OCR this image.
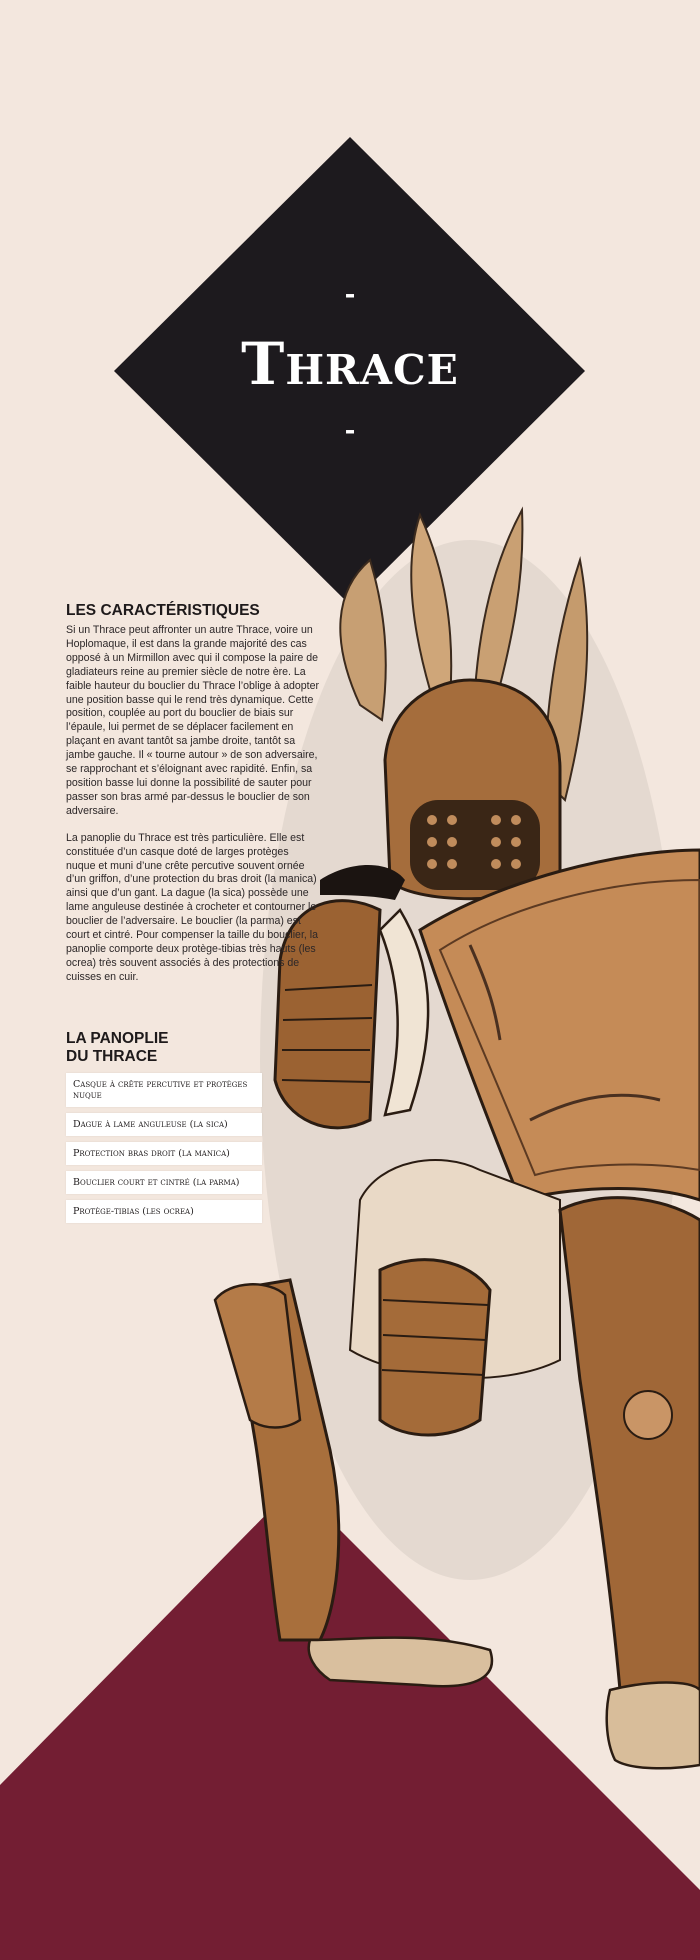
-
Thrace
-
LES CARACTÉRISTIQUES

Si un Thrace peut affronter un autre Thrace, voire un Hoplomaque, il est dans la grande majorité des cas opposé à un Mirmillon avec qui il compose la paire de gladiateurs reine au premier siècle de notre ère. La faible hauteur du bouclier du Thrace l’oblige à adopter une position basse qui le rend très dynamique. Cette position, couplée au port du bouclier de biais sur l’épaule, lui permet de se déplacer facilement en plaçant en avant tantôt sa jambe droite, tantôt sa jambe gauche. Il « tourne autour » de son adversaire, se rapprochant et s’éloignant avec rapidité. Enfin, sa position basse lui donne la possibilité de sauter pour passer son bras armé par-dessus le bouclier de son adversaire.

La panoplie du Thrace est très particulière. Elle est constituée d’un casque doté de larges protèges nuque et muni d’une crête percutive souvent ornée d’un griffon, d’une protection du bras droit (la manica) ainsi que d’un gant. La dague (la sica) possède une lame anguleuse destinée à crocheter et contourner le bouclier de l’adversaire. Le bouclier (la parma) est court et cintré. Pour compenser la taille du bouclier, la panoplie comporte deux protège-tibias très hauts (les ocrea) très souvent associés à des protections de cuisses en cuir.

LA PANOPLIE
DU THRACE
Casque à crête percutive et protèges nuque
Dague à lame anguleuse (la sica)
Protection bras droit (la manica)
Bouclier court et cintré (la parma)
Protège-tibias (les ocrea)
